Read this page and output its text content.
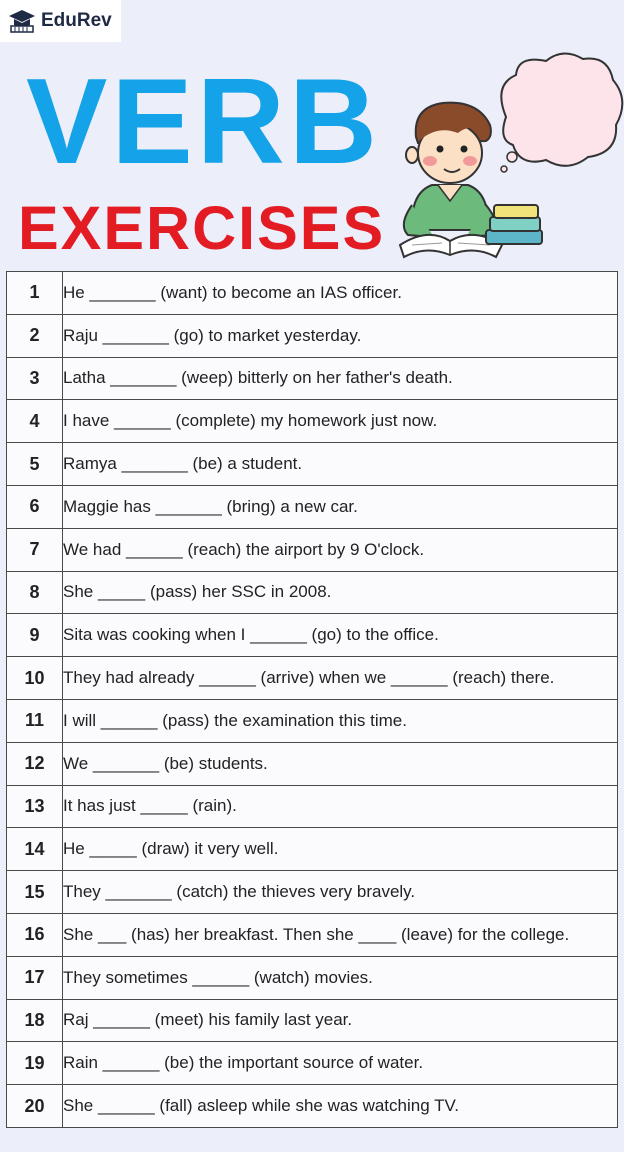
EduRev
VERB
EXERCISES
1	He _______ (want) to become an IAS officer.
2	Raju _______ (go) to market yesterday.
3	Latha _______ (weep) bitterly on her father's death.
4	I have ______ (complete) my homework just now.
5	Ramya _______ (be) a student.
6	Maggie has _______ (bring) a new car.
7	We had ______ (reach) the airport by 9 O'clock.
8	She _____ (pass) her SSC in 2008.
9	Sita was cooking when I ______ (go) to the office.
10	They had already ______ (arrive) when we ______ (reach) there.
11	I will ______ (pass) the examination this time.
12	We _______ (be) students.
13	It has just _____ (rain).
14	He _____ (draw) it very well.
15	They _______ (catch) the thieves very bravely.
16	She ___ (has) her breakfast. Then she ____ (leave) for the college.
17	They sometimes ______ (watch) movies.
18	Raj ______ (meet) his family last year.
19	Rain ______ (be) the important source of water.
20	She ______ (fall) asleep while she was watching TV.
